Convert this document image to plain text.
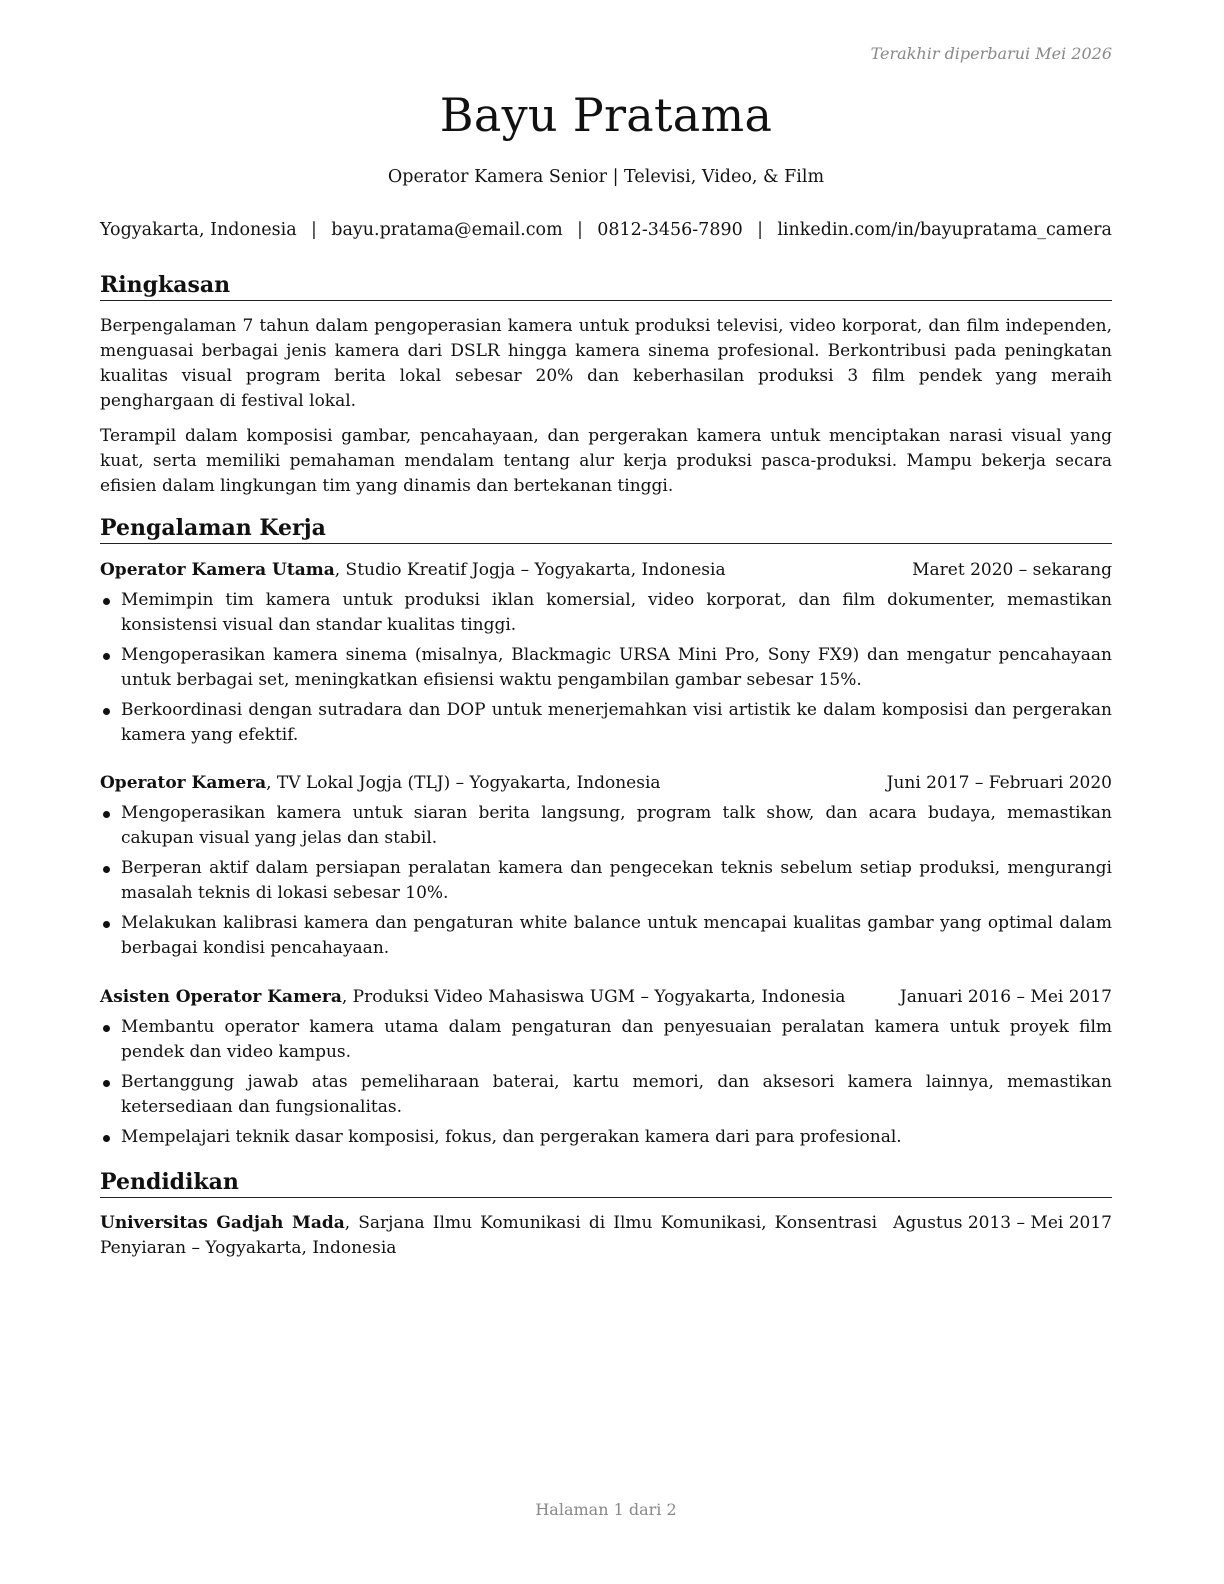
Terakhir diperbarui Mei 2026
Bayu Pratama
Operator Kamera Senior | Televisi, Video, & Film
Yogyakarta, Indonesia | bayu.pratama@email.com | 0812-3456-7890 | linkedin.com/in/bayupratama_camera
Ringkasan

Berpengalaman 7 tahun dalam pengoperasian kamera untuk produksi televisi, video korporat, dan film independen, menguasai berbagai jenis kamera dari DSLR hingga kamera sinema profesional. Berkontribusi pada peningkatan kualitas visual program berita lokal sebesar 20% dan keberhasilan produksi 3 film pendek yang meraih penghargaan di festival lokal.

Terampil dalam komposisi gambar, pencahayaan, dan pergerakan kamera untuk menciptakan narasi visual yang kuat, serta memiliki pemahaman mendalam tentang alur kerja produksi pasca-produksi. Mampu bekerja secara efisien dalam lingkungan tim yang dinamis dan bertekanan tinggi.

Pengalaman Kerja
Operator Kamera Utama, Studio Kreatif Jogja – Yogyakarta, Indonesia	Maret 2020 – sekarang
Memimpin tim kamera untuk produksi iklan komersial, video korporat, dan film dokumenter, memastikan konsistensi visual dan standar kualitas tinggi.
Mengoperasikan kamera sinema (misalnya, Blackmagic URSA Mini Pro, Sony FX9) dan mengatur pencahayaan untuk berbagai set, meningkatkan efisiensi waktu pengambilan gambar sebesar 15%.
Berkoordinasi dengan sutradara dan DOP untuk menerjemahkan visi artistik ke dalam komposisi dan pergerakan kamera yang efektif.
Operator Kamera, TV Lokal Jogja (TLJ) – Yogyakarta, Indonesia	Juni 2017 – Februari 2020
Mengoperasikan kamera untuk siaran berita langsung, program talk show, dan acara budaya, memastikan cakupan visual yang jelas dan stabil.
Berperan aktif dalam persiapan peralatan kamera dan pengecekan teknis sebelum setiap produksi, mengurangi masalah teknis di lokasi sebesar 10%.
Melakukan kalibrasi kamera dan pengaturan white balance untuk mencapai kualitas gambar yang optimal dalam berbagai kondisi pencahayaan.
Asisten Operator Kamera, Produksi Video Mahasiswa UGM – Yogyakarta, Indonesia	Januari 2016 – Mei 2017
Membantu operator kamera utama dalam pengaturan dan penyesuaian peralatan kamera untuk proyek film pendek dan video kampus.
Bertanggung jawab atas pemeliharaan baterai, kartu memori, dan aksesori kamera lainnya, memastikan ketersediaan dan fungsionalitas.
Mempelajari teknik dasar komposisi, fokus, dan pergerakan kamera dari para profesional.
Pendidikan
Agustus 2013 – Mei 2017
Universitas Gadjah Mada, Sarjana Ilmu Komunikasi di Ilmu Komunikasi, Konsentrasi Penyiaran – Yogyakarta, Indonesia
Halaman 1 dari 2
